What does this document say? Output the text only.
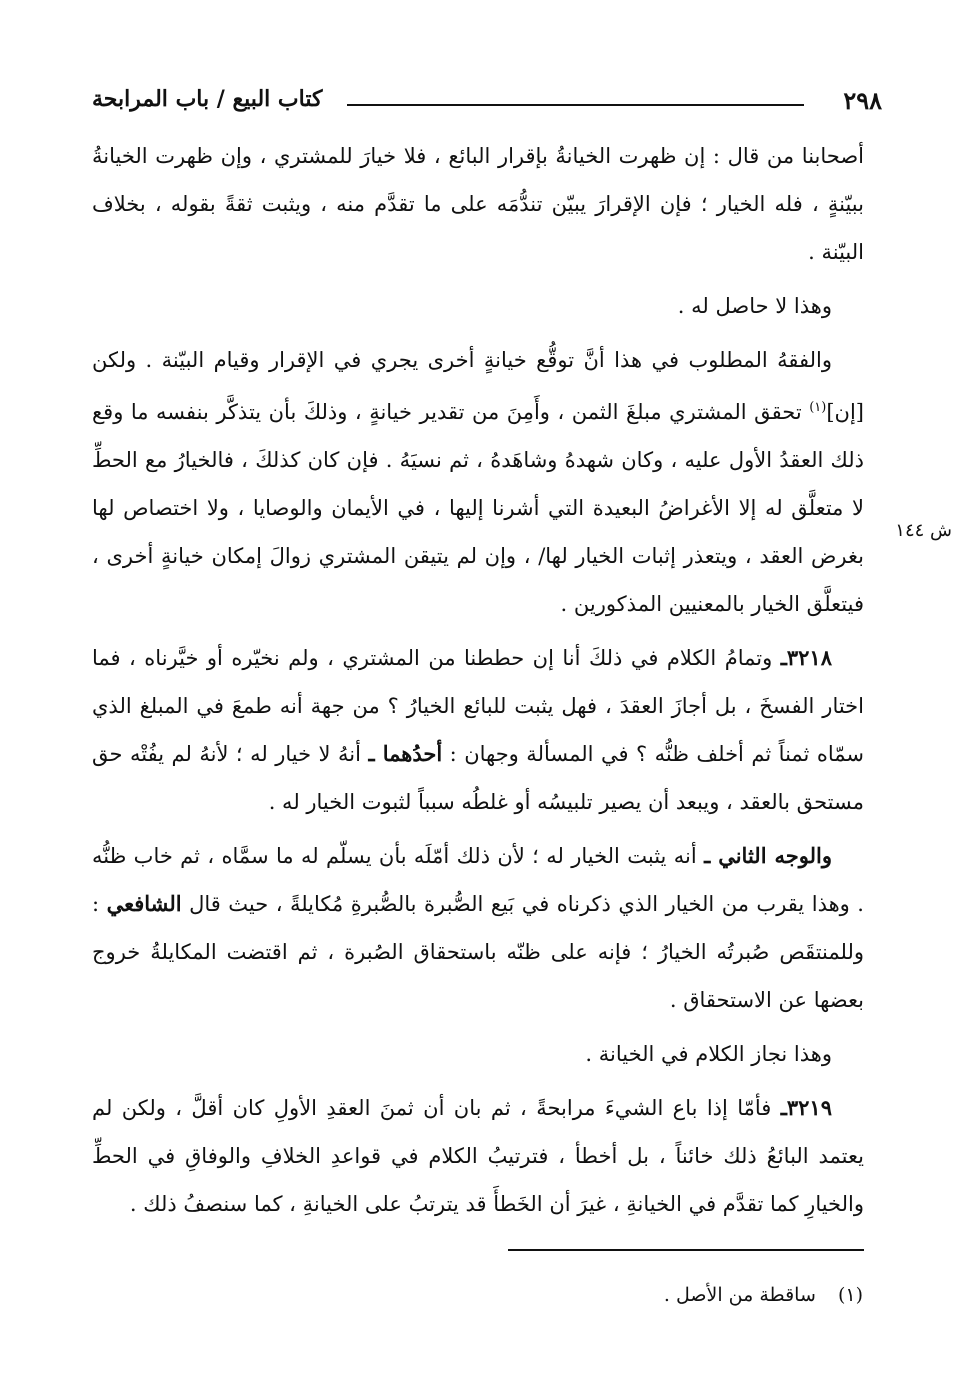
٢٩٨
كتاب البيع / باب المرابحة

أصحابنا من قال : إن ظهرت الخيانةُ بإقرار البائع ، فلا خيارَ للمشتري ، وإن ظهرت الخيانةُ ببيّنةٍ ، فله الخيار ؛ فإن الإقرارَ يبيّن تندُّمَه على ما تقدَّم منه ، ويثبت ثقةً بقوله ، بخلاف البيّنة .

وهذا لا حاصل له .

والفقهُ المطلوب في هذا أنَّ توقُّع خيانةٍ أخرى يجري في الإقرار وقيام البيّنة . ولكن [إن]$^{(١)}$ تحقق المشتري مبلغَ الثمن ، وأَمِنَ من تقدير خيانةٍ ، وذلكَ بأن يتذكَّر بنفسه ما وقع ذلك العقدُ الأول عليه ، وكان شهدهُ وشاهَدهُ ، ثم نسيَهُ . فإن كان كذلكَ ، فالخيارُ مع الحطِّ لا متعلَّق له إلا الأغراضُ البعيدة التي أشرنا إليها ، في الأيمان والوصايا ، ولا اختصاص لها بغرض العقد ، ويتعذر إثبات الخيار لها/ ، وإن لم يتيقن المشتري زوالَ إمكان خيانةٍ أخرى ، فيتعلَّق الخيار بالمعنيين المذكورين .

٣٢١٨ـ وتمامُ الكلام في ذلكَ أنا إن حططنا من المشتري ، ولم نخيّره أو خيَّرناه ، فما اختار الفسخَ ، بل أجازَ العقدَ ، فهل يثبت للبائع الخيارُ ؟ من جهة أنه طمعَ في المبلغ الذي سمّاه ثمناً ثم أخلف ظنُّه ؟ في المسألة وجهان : أحدُهما ـ أنهُ لا خيار له ؛ لأنهُ لم يفُتْه حق مستحق بالعقد ، ويبعد أن يصير تلبيسُه أو غلطُه سبباً لثبوت الخيار له .

والوجه الثاني ـ أنه يثبت الخيار له ؛ لأن ذلك أمّلَه بأن يسلّم له ما سمَّاه ، ثم خاب ظنُّه . وهذا يقرب من الخيار الذي ذكرناه في بَيع الصُّبرة بالصُّبرةِ مُكايلةً ، حيث قال الشافعي : وللمنتقَص صُبرتُه الخيارُ ؛ فإنه على ظنّه باستحقاق الصُبرة ، ثم اقتضت المكايلةُ خروج بعضها عن الاستحقاق .

وهذا نجاز الكلام في الخيانة .

٣٢١٩ـ فأمّا إذا باع الشيءَ مرابحةً ، ثم بان أن ثمنَ العقدِ الأولِ كان أقلَّ ، ولكن لم يعتمد البائعُ ذلك خائناً ، بل أخطأ ، فترتيبُ الكلام في قواعدِ الخلافِ والوفاقِ في الحطِّ والخيارِ كما تقدَّم في الخيانةِ ، غيرَ أن الخَطأَ قد يترتبُ على الخيانةِ ، كما سنصفُ ذلك .

ش ١٤٤
(١) ساقطة من الأصل .
